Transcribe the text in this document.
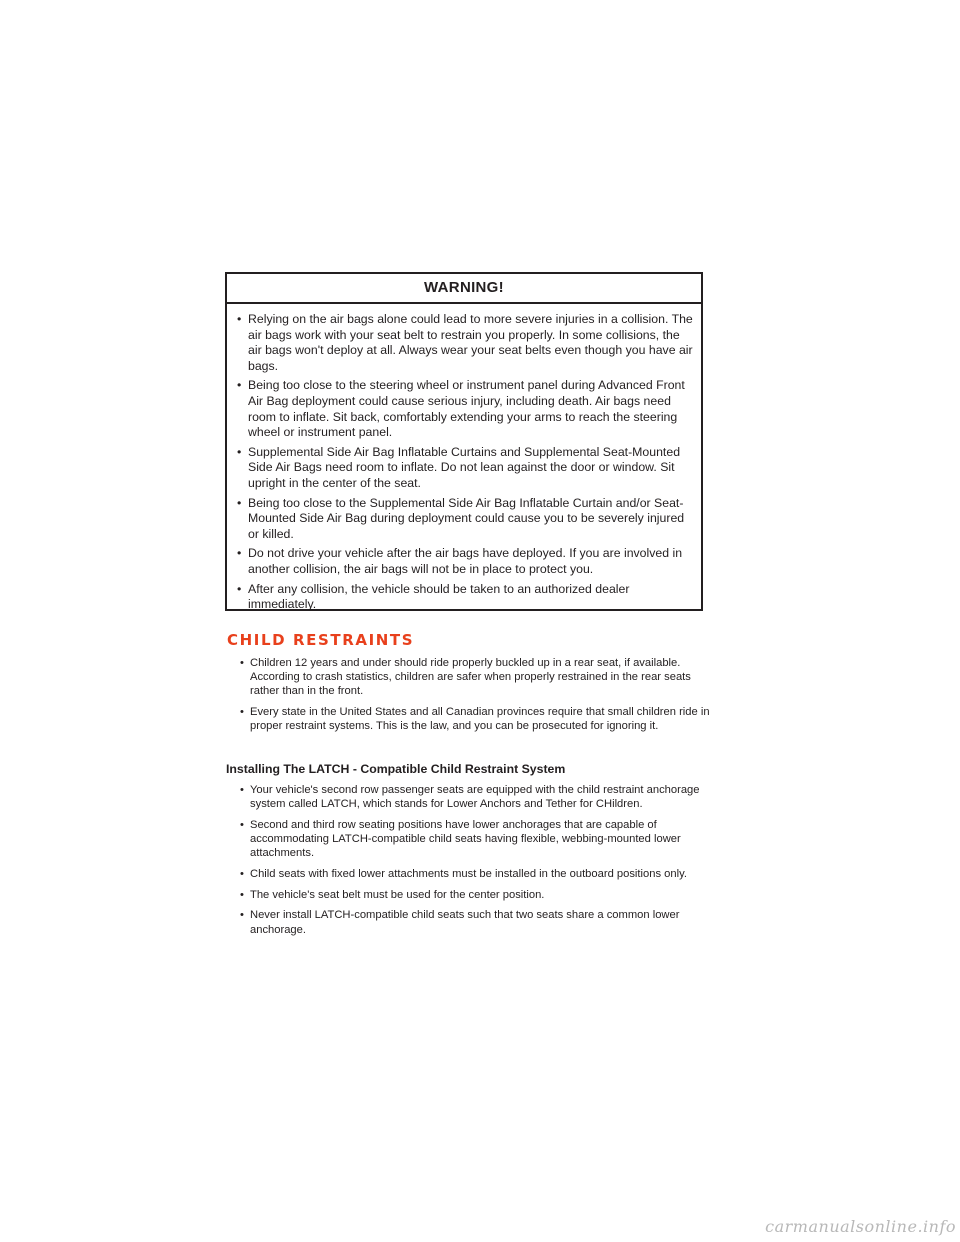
WARNING!
• Relying on the air bags alone could lead to more severe injuries in a collision. The air bags work with your seat belt to restrain you properly. In some collisions, the air bags won't deploy at all. Always wear your seat belts even though you have air bags.
• Being too close to the steering wheel or instrument panel during Advanced Front Air Bag deployment could cause serious injury, including death. Air bags need room to inflate. Sit back, comfortably extending your arms to reach the steering wheel or instrument panel.
• Supplemental Side Air Bag Inflatable Curtains and Supplemental Seat-Mounted Side Air Bags need room to inflate. Do not lean against the door or window. Sit upright in the center of the seat.
• Being too close to the Supplemental Side Air Bag Inflatable Curtain and/or Seat-Mounted Side Air Bag during deployment could cause you to be severely injured or killed.
• Do not drive your vehicle after the air bags have deployed. If you are involved in another collision, the air bags will not be in place to protect you.
• After any collision, the vehicle should be taken to an authorized dealer immediately.
CHILD RESTRAINTS
• Children 12 years and under should ride properly buckled up in a rear seat, if available. According to crash statistics, children are safer when properly restrained in the rear seats rather than in the front.
• Every state in the United States and all Canadian provinces require that small children ride in proper restraint systems. This is the law, and you can be prosecuted for ignoring it.
Installing The LATCH - Compatible Child Restraint System
• Your vehicle's second row passenger seats are equipped with the child restraint anchorage system called LATCH, which stands for Lower Anchors and Tether for CHildren.
• Second and third row seating positions have lower anchorages that are capable of accommodating LATCH-compatible child seats having flexible, webbing-mounted lower attachments.
• Child seats with fixed lower attachments must be installed in the outboard positions only.
• The vehicle's seat belt must be used for the center position.
• Never install LATCH-compatible child seats such that two seats share a common lower anchorage.
carmanualsonline.info
